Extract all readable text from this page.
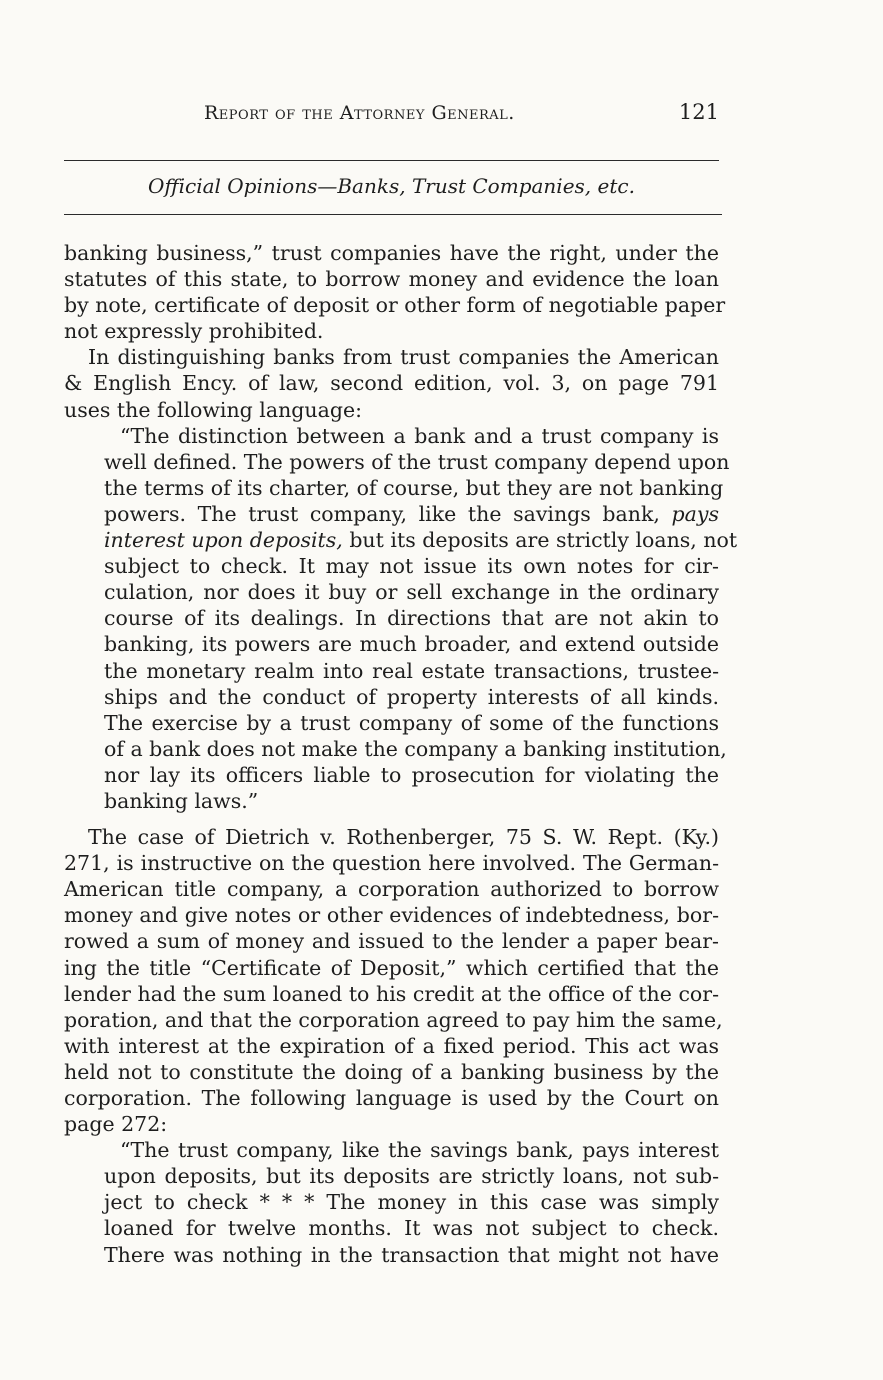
Report of the Attorney General.	121
Official Opinions—Banks, Trust Companies, etc.
banking business,” trust companies have the right, under the
statutes of this state, to borrow money and evidence the loan
by note, certificate of deposit or other form of negotiable paper
not expressly prohibited.
In distinguishing banks from trust companies the American
& English Ency. of law, second edition, vol. 3, on page 791
uses the following language:
“The distinction between a bank and a trust company is
well defined. The powers of the trust company depend upon
the terms of its charter, of course, but they are not banking
powers. The trust company, like the savings bank, pays
interest upon deposits, but its deposits are strictly loans, not
subject to check. It may not issue its own notes for cir-
culation, nor does it buy or sell exchange in the ordinary
course of its dealings. In directions that are not akin to
banking, its powers are much broader, and extend outside
the monetary realm into real estate transactions, trustee-
ships and the conduct of property interests of all kinds.
The exercise by a trust company of some of the functions
of a bank does not make the company a banking institution,
nor lay its officers liable to prosecution for violating the
banking laws.”
The case of Dietrich v. Rothenberger, 75 S. W. Rept. (Ky.)
271, is instructive on the question here involved. The German-
American title company, a corporation authorized to borrow
money and give notes or other evidences of indebtedness, bor-
rowed a sum of money and issued to the lender a paper bear-
ing the title “Certificate of Deposit,” which certified that the
lender had the sum loaned to his credit at the office of the cor-
poration, and that the corporation agreed to pay him the same,
with interest at the expiration of a fixed period. This act was
held not to constitute the doing of a banking business by the
corporation. The following language is used by the Court on
page 272:
“The trust company, like the savings bank, pays interest
upon deposits, but its deposits are strictly loans, not sub-
ject to check * * * The money in this case was simply
loaned for twelve months. It was not subject to check.
There was nothing in the transaction that might not have
